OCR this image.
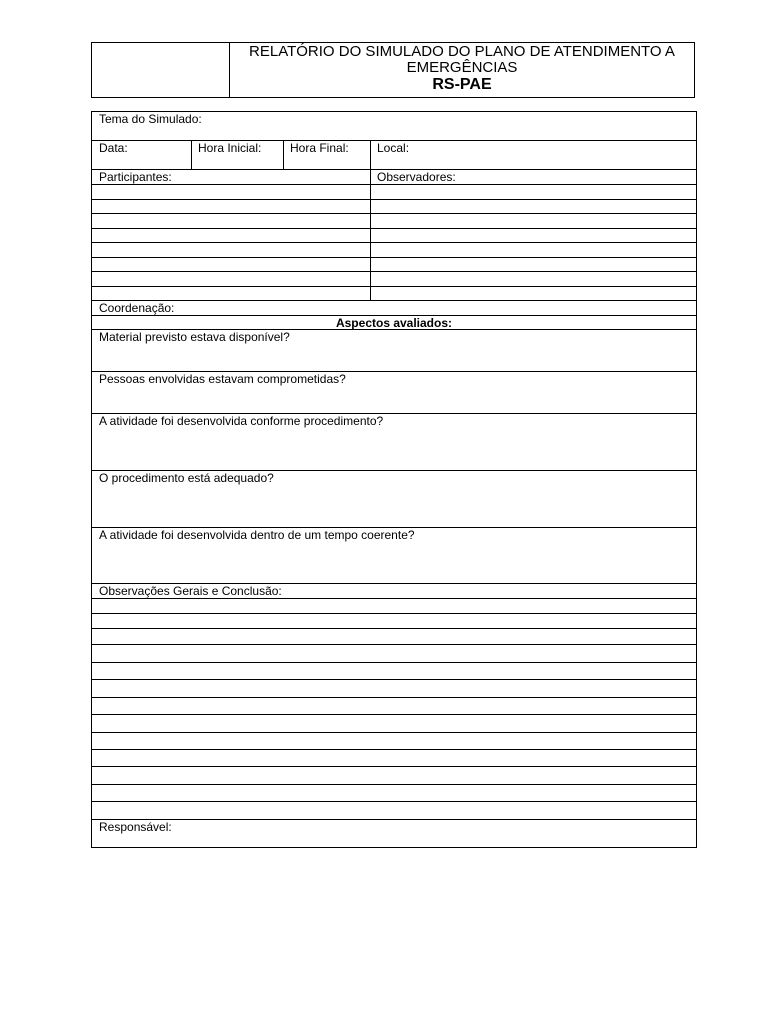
RELATÓRIO DO SIMULADO DO PLANO DE ATENDIMENTO A
EMERGÊNCIAS
RS-PAE
Tema do Simulado:
Data:	Hora Inicial: Hora Final: Local:
Participantes:	Observadores:
Coordenação:
Aspectos avaliados:
Material previsto estava disponível?
Pessoas envolvidas estavam comprometidas?
A atividade foi desenvolvida conforme procedimento?
O procedimento está adequado?
A atividade foi desenvolvida dentro de um tempo coerente?
Observações Gerais e Conclusão:
Responsável:
